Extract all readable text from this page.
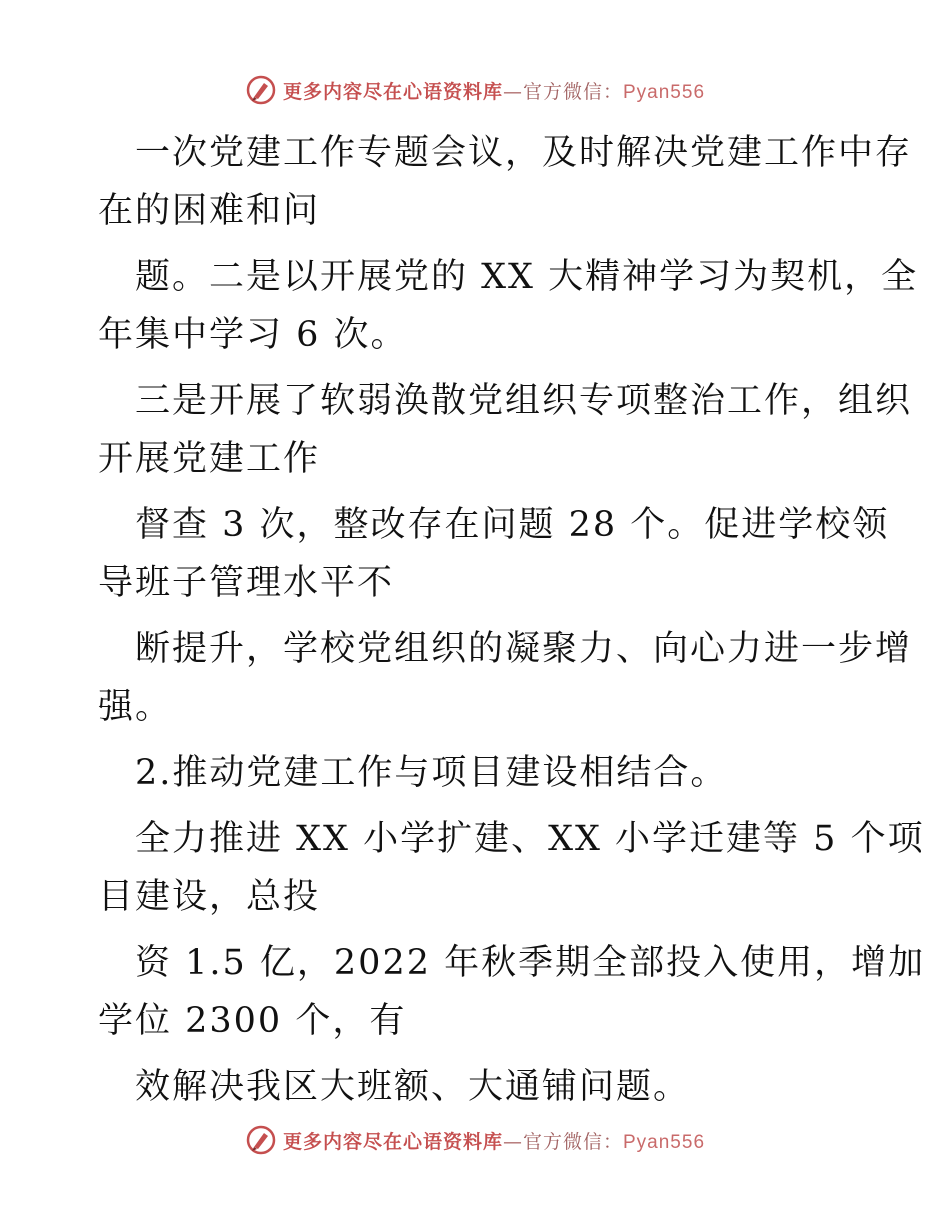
更多内容尽在心语资料库—官方微信：Pyan556
一次党建工作专题会议，及时解决党建工作中存
在的困难和问
题。二是以开展党的 XX 大精神学习为契机，全
年集中学习 6 次。
三是开展了软弱涣散党组织专项整治工作，组织
开展党建工作
督查 3 次，整改存在问题 28 个。促进学校领
导班子管理水平不
断提升，学校党组织的凝聚力、向心力进一步增
强。
2.推动党建工作与项目建设相结合。
全力推进 XX 小学扩建、XX 小学迁建等 5 个项
目建设，总投
资 1.5 亿，2022 年秋季期全部投入使用，增加
学位 2300 个，有
效解决我区大班额、大通铺问题。
更多内容尽在心语资料库—官方微信：Pyan556
